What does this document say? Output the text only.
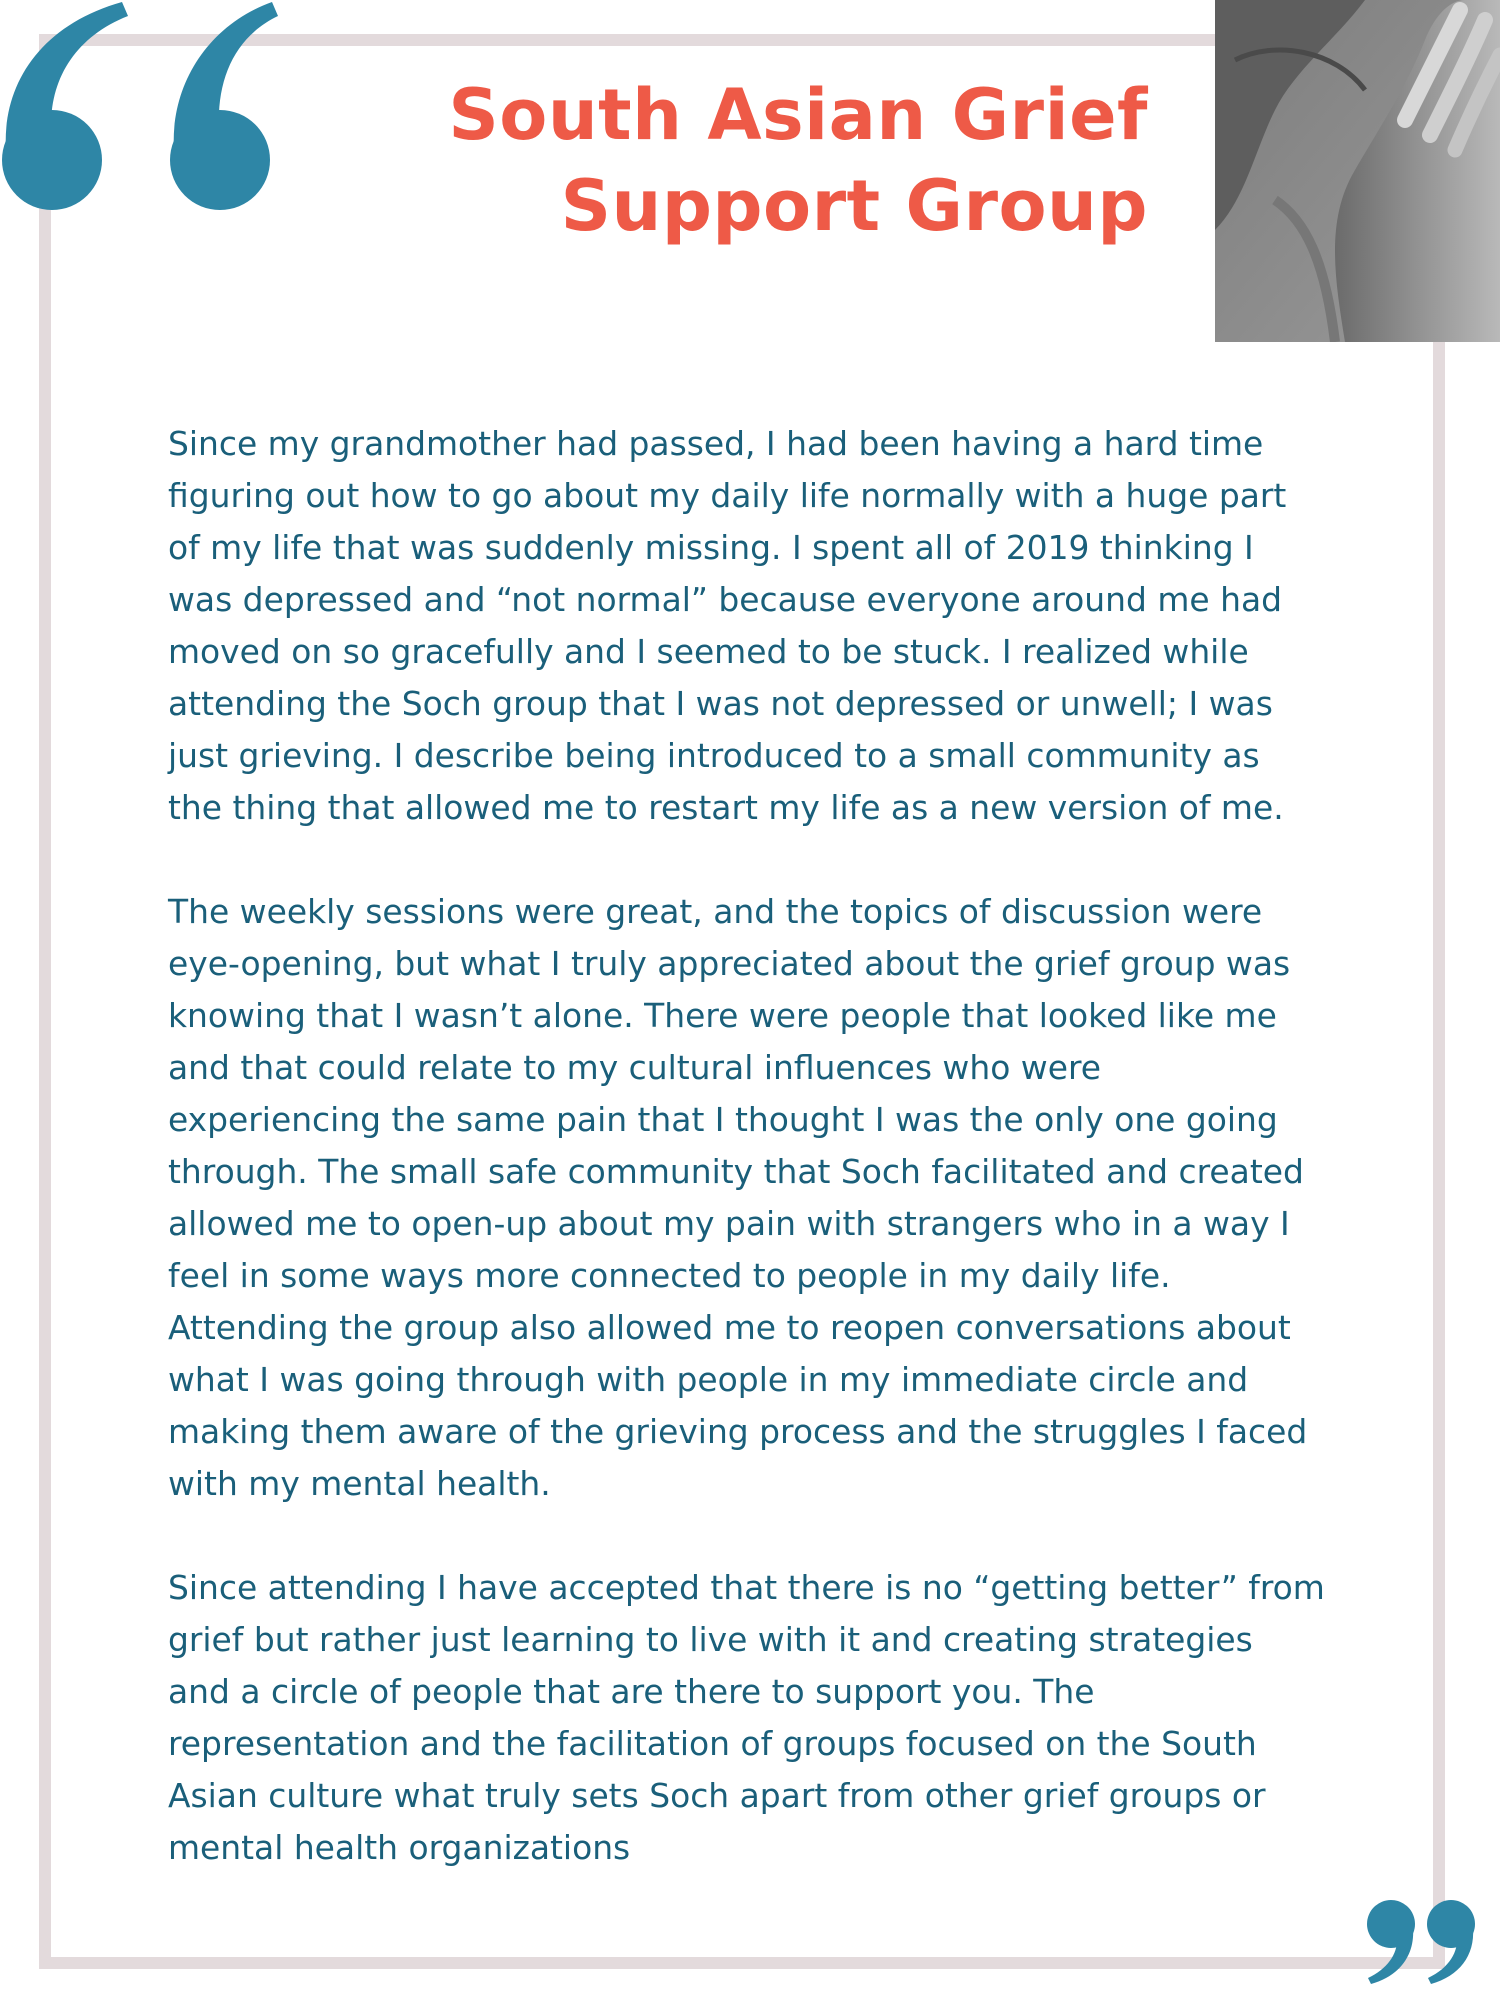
South Asian Grief
Support Group

Since my grandmother had passed, I had been having a hard time
figuring out how to go about my daily life normally with a huge part
of my life that was suddenly missing. I spent all of 2019 thinking I
was depressed and “not normal” because everyone around me had
moved on so gracefully and I seemed to be stuck. I realized while
attending the Soch group that I was not depressed or unwell; I was
just grieving. I describe being introduced to a small community as
the thing that allowed me to restart my life as a new version of me.

The weekly sessions were great, and the topics of discussion were
eye-opening, but what I truly appreciated about the grief group was
knowing that I wasn’t alone. There were people that looked like me
and that could relate to my cultural influences who were
experiencing the same pain that I thought I was the only one going
through. The small safe community that Soch facilitated and created
allowed me to open-up about my pain with strangers who in a way I
feel in some ways more connected to people in my daily life.
Attending the group also allowed me to reopen conversations about
what I was going through with people in my immediate circle and
making them aware of the grieving process and the struggles I faced
with my mental health.

Since attending I have accepted that there is no “getting better” from
grief but rather just learning to live with it and creating strategies
and a circle of people that are there to support you. The
representation and the facilitation of groups focused on the South
Asian culture what truly sets Soch apart from other grief groups or
mental health organizations
